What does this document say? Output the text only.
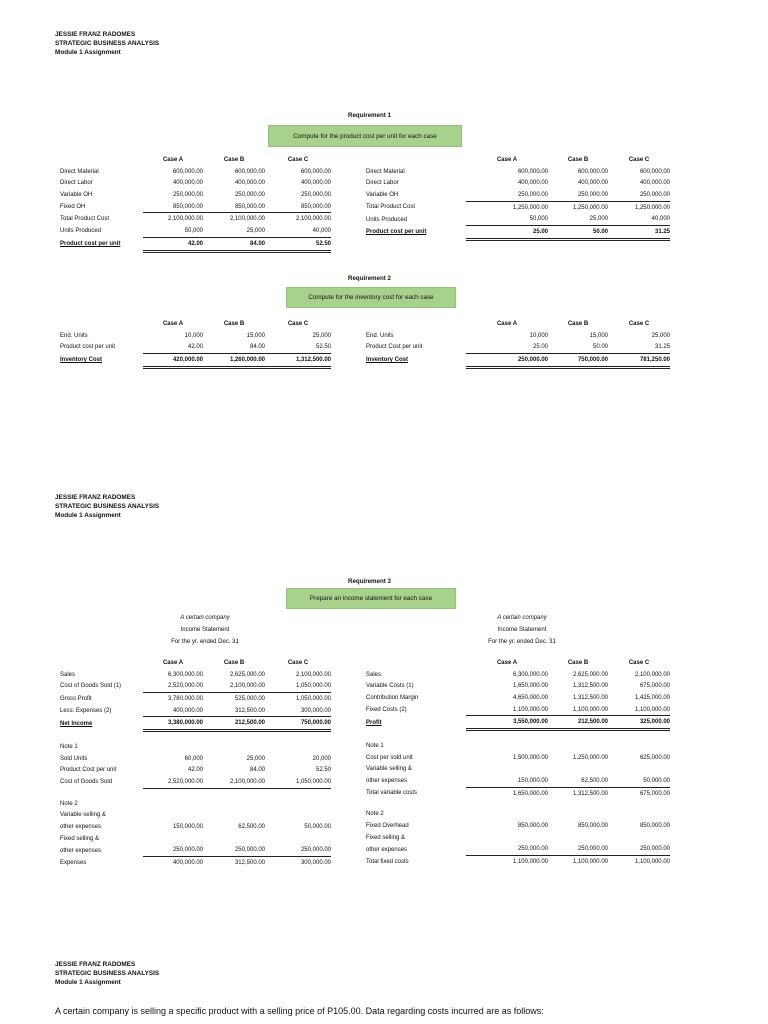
JESSIE FRANZ RADOMES
STRATEGIC BUSINESS ANALYSIS
Module 1 Assignment
JESSIE FRANZ RADOMES
STRATEGIC BUSINESS ANALYSIS
Module 1 Assignment
JESSIE FRANZ RADOMES
STRATEGIC BUSINESS ANALYSIS
Module 1 Assignment
Requirement 1
Compute for the product cost per unit for each case
	Case A	Case B	Case C
Direct Material	600,000.00	600,000.00	600,000.00
Direct Labor	400,000.00	400,000.00	400,000.00
Variable OH	250,000.00	250,000.00	250,000.00
Fixed OH	850,000.00	850,000.00	850,000.00
Total Product Cost	2,100,000.00	2,100,000.00	2,100,000.00
Units Produced	50,000	25,000	40,000
Product cost per unit	42.00	84.00	52.50
	Case A	Case B	Case C
Direct Material	600,000.00	600,000.00	600,000.00
Direct Labor	400,000.00	400,000.00	400,000.00
Variable OH	250,000.00	250,000.00	250,000.00
Total Product Cost	1,250,000.00	1,250,000.00	1,250,000.00
Units Produced	50,000	25,000	40,000
Product cost per unit	25.00	50.00	31.25
Requirement 2
Compute for the inventory cost for each case
	Case A	Case B	Case C
End. Units	10,000	15,000	25,000
Product cost per unit	42.00	84.00	52.50
Inventory Cost	420,000.00	1,260,000.00	1,312,500.00
	Case A	Case B	Case C
End. Units	10,000	15,000	25,000
Product Cost per unit	25.00	50.00	31.25
Inventory Cost	250,000.00	750,000.00	781,250.00
Requirement 3
Prepare an income statement for each case
A certain company
Income Statement
For the yr. ended Dec. 31
A certain company
Income Statement
For the yr. ended Dec. 31
	Case A	Case B	Case C
Sales	6,300,000.00	2,625,000.00	2,100,000.00
Cost of Goods Sold (1)	2,520,000.00	2,100,000.00	1,050,000.00
Gross Profit	3,780,000.00	525,000.00	1,050,000.00
Less: Expenses (2)	400,000.00	312,500.00	300,000.00
Net Income	3,380,000.00	212,500.00	750,000.00

Note 1			
Sold Units	60,000	25,000	20,000
Product Cost per unit	42.00	84.00	52.50
Cost of Goods Sold	2,520,000.00	2,100,000.00	1,050,000.00

Note 2			
Variable selling &			
other expenses	150,000.00	62,500.00	50,000.00
Fixed selling &			
other expenses	250,000.00	250,000.00	250,000.00
Expenses	400,000.00	312,500.00	300,000.00
	Case A	Case B	Case C
Sales	6,300,000.00	2,625,000.00	2,100,000.00
Variable Costs (1)	1,650,000.00	1,312,500.00	675,000.00
Contribution Margin	4,650,000.00	1,312,500.00	1,425,000.00
Fixed Costs (2)	1,100,000.00	1,100,000.00	1,100,000.00
Profit	3,550,000.00	212,500.00	325,000.00

Note 1			
Cost per sold unit	1,500,000.00	1,250,000.00	625,000.00
Variable selling &			
other expenses	150,000.00	62,500.00	50,000.00
Total variable costs	1,650,000.00	1,312,500.00	675,000.00

Note 2			
Fixed Overhead	850,000.00	850,000.00	850,000.00
Fixed selling &			
other expenses	250,000.00	250,000.00	250,000.00
Total fixed costs	1,100,000.00	1,100,000.00	1,100,000.00
A certain company is selling a specific product with a selling price of P105.00. Data regarding costs incurred are as follows:
